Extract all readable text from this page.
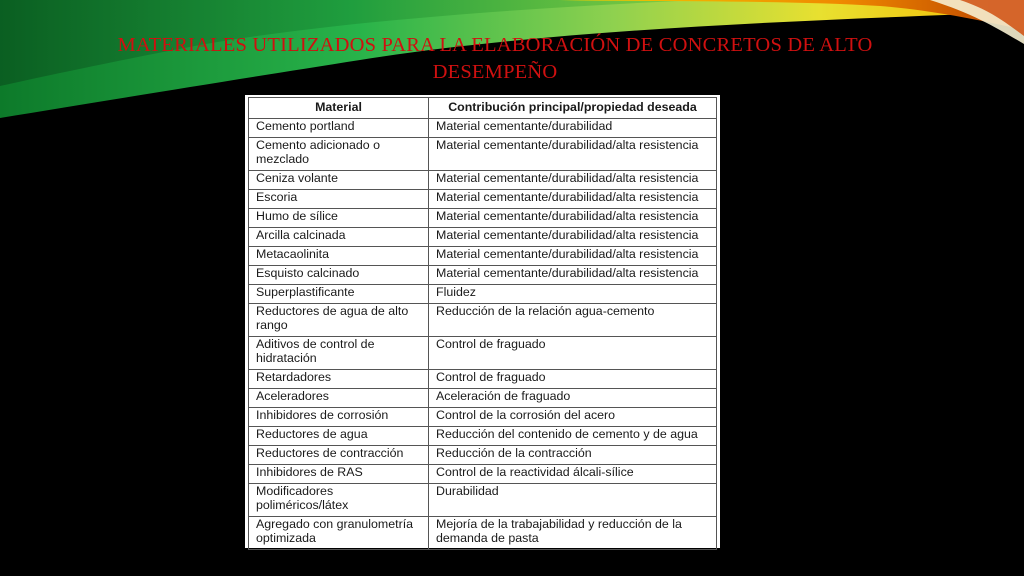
MATERIALES UTILIZADOS PARA LA ELABORACIÓN DE CONCRETOS DE ALTO DESEMPEÑO
Material	Contribución principal/propiedad deseada
Cemento portland	Material cementante/durabilidad
Cemento adicionado o mezclado	Material cementante/durabilidad/alta resistencia
Ceniza volante	Material cementante/durabilidad/alta resistencia
Escoria	Material cementante/durabilidad/alta resistencia
Humo de sílice	Material cementante/durabilidad/alta resistencia
Arcilla calcinada	Material cementante/durabilidad/alta resistencia
Metacaolinita	Material cementante/durabilidad/alta resistencia
Esquisto calcinado	Material cementante/durabilidad/alta resistencia
Superplastificante	Fluidez
Reductores de agua de alto rango	Reducción de la relación agua-cemento
Aditivos de control de hidratación	Control de fraguado
Retardadores	Control de fraguado
Aceleradores	Aceleración de fraguado
Inhibidores de corrosión	Control de la corrosión del acero
Reductores de agua	Reducción del contenido de cemento y de agua
Reductores de contracción	Reducción de la contracción
Inhibidores de RAS	Control de la reactividad álcali-sílice
Modificadores poliméricos/látex	Durabilidad
Agregado con granulometría optimizada	Mejoría de la trabajabilidad y reducción de la demanda de pasta
